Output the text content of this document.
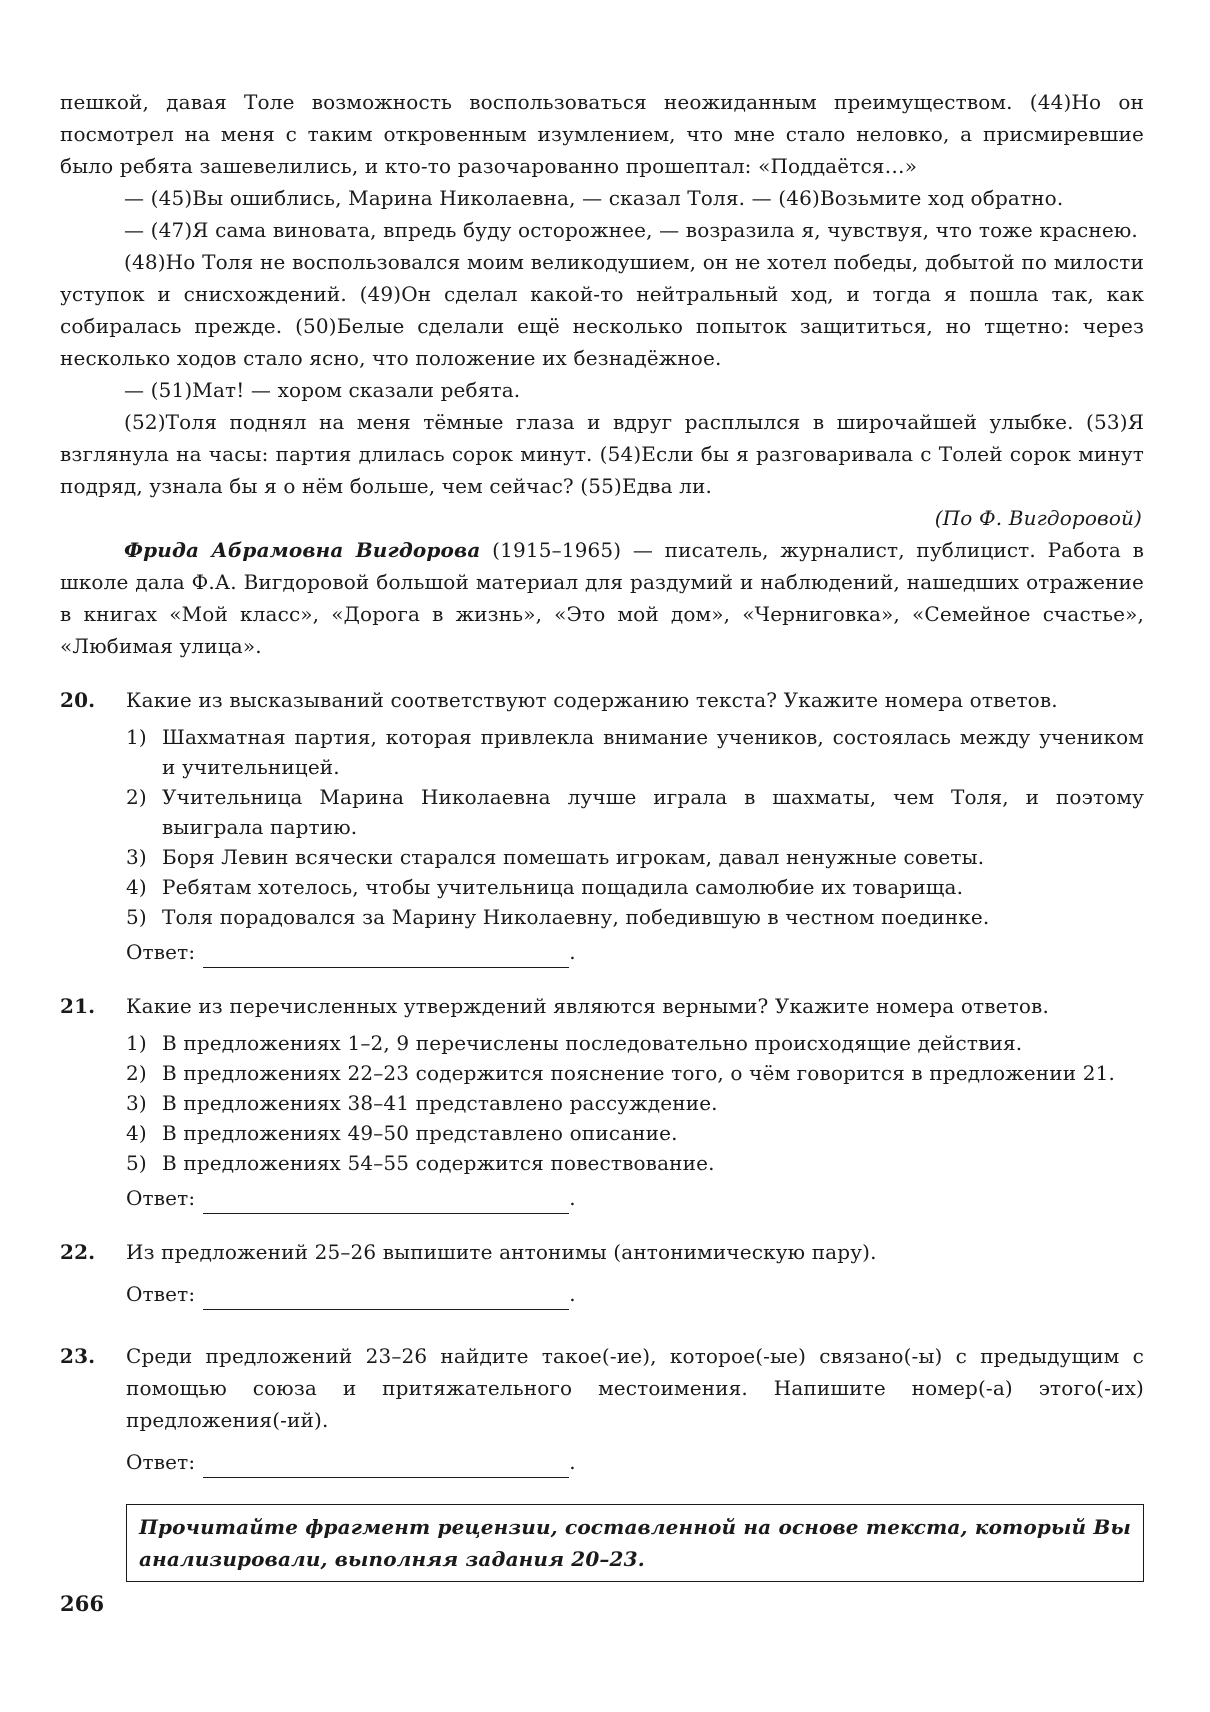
пешкой, давая Толе возможность воспользоваться неожиданным преимуществом. (44)Но он посмотрел на меня с таким откровенным изумлением, что мне стало неловко, а присмиревшие было ребята зашевелились, и кто-то разочарованно прошептал: «Поддаётся…»

— (45)Вы ошиблись, Марина Николаевна, — сказал Толя. — (46)Возьмите ход обратно.

— (47)Я сама виновата, впредь буду осторожнее, — возразила я, чувствуя, что тоже краснею.

(48)Но Толя не воспользовался моим великодушием, он не хотел победы, добытой по милости уступок и снисхождений. (49)Он сделал какой-то нейтральный ход, и тогда я пошла так, как собиралась прежде. (50)Белые сделали ещё несколько попыток защититься, но тщетно: через несколько ходов стало ясно, что положение их безнадёжное.

— (51)Мат! — хором сказали ребята.

(52)Толя поднял на меня тёмные глаза и вдруг расплылся в широчайшей улыбке. (53)Я взглянула на часы: партия длилась сорок минут. (54)Если бы я разговаривала с Толей сорок минут подряд, узнала бы я о нём больше, чем сейчас? (55)Едва ли.

(По Ф. Вигдоровой)

Фрида Абрамовна Вигдорова (1915–1965) — писатель, журналист, публицист. Работа в школе дала Ф.А. Вигдоровой большой материал для раздумий и наблюдений, нашедших отражение в книгах «Мой класс», «Дорога в жизнь», «Это мой дом», «Черниговка», «Семейное счастье», «Любимая улица».

20.	Какие из высказываний соответствуют содержанию текста? Укажите номера ответов.
1) Шахматная партия, которая привлекла внимание учеников, состоялась между учеником и учительницей.
2) Учительница Марина Николаевна лучше играла в шахматы, чем Толя, и поэтому выиграла партию.
3) Боря Левин всячески старался помешать игрокам, давал ненужные советы.
4) Ребятам хотелось, чтобы учительница пощадила самолюбие их товарища.
5) Толя порадовался за Марину Николаевну, победившую в честном поединке.
Ответ:	.
21.	Какие из перечисленных утверждений являются верными? Укажите номера ответов.
1) В предложениях 1–2, 9 перечислены последовательно происходящие действия.
2) В предложениях 22–23 содержится пояснение того, о чём говорится в предложении 21.
3) В предложениях 38–41 представлено рассуждение.
4) В предложениях 49–50 представлено описание.
5) В предложениях 54–55 содержится повествование.
Ответ:	.
22.	Из предложений 25–26 выпишите антонимы (антонимическую пару).
Ответ:	.
23.	Среди предложений 23–26 найдите такое(-ие), которое(-ые) связано(-ы) с предыдущим с помощью союза и притяжательного местоимения. Напишите номер(-а) этого(-их) предложения(-ий).
Ответ:	.
Прочитайте фрагмент рецензии, составленной на основе текста, который Вы анализировали, выполняя задания 20–23.
266
